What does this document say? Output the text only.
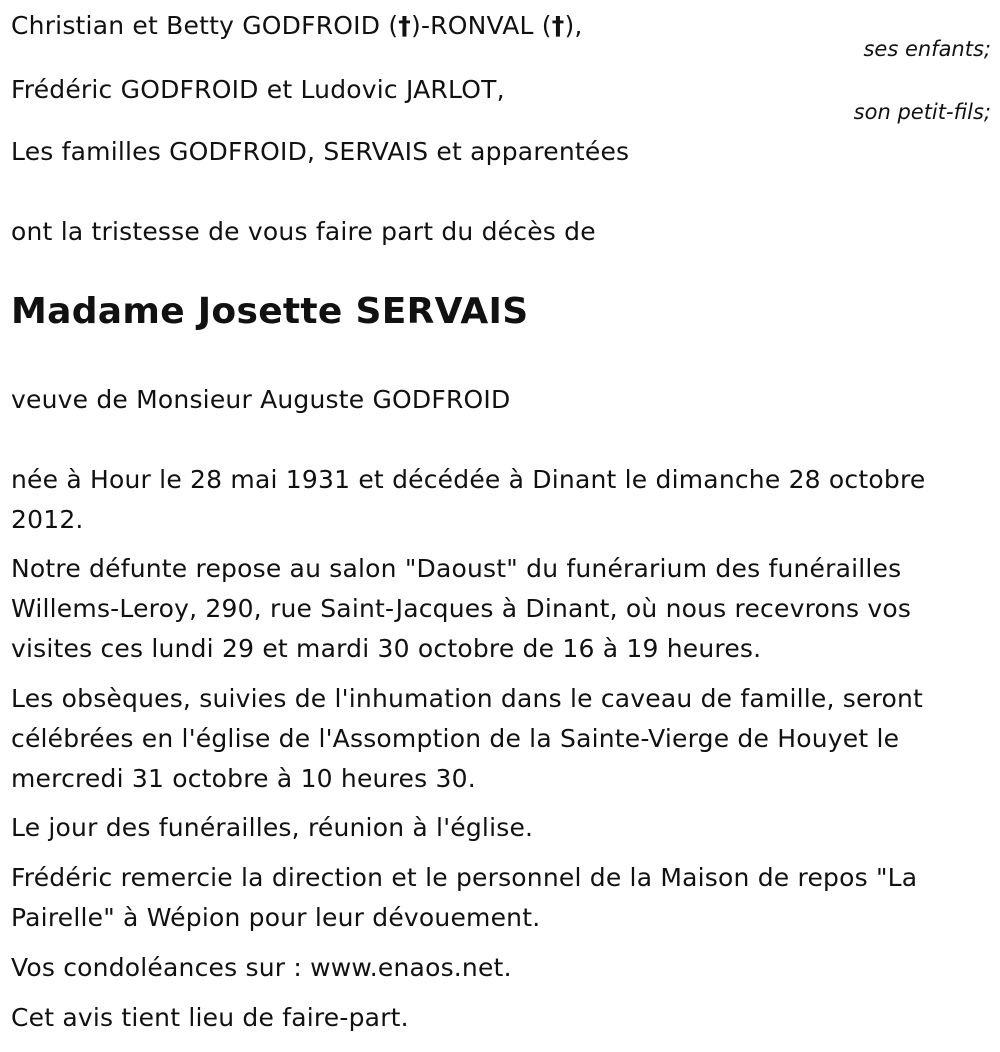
Christian et Betty GODFROID (†)-RONVAL (†),
ses enfants;
Frédéric GODFROID et Ludovic JARLOT,
son petit-fils;
Les familles GODFROID, SERVAIS et apparentées
ont la tristesse de vous faire part du décès de
Madame Josette SERVAIS
veuve de Monsieur Auguste GODFROID
née à Hour le 28 mai 1931 et décédée à Dinant le dimanche 28 octobre 2012.
Notre défunte repose au salon "Daoust" du funérarium des funérailles Willems-Leroy, 290, rue Saint-Jacques à Dinant, où nous recevrons vos visites ces lundi 29 et mardi 30 octobre de 16 à 19 heures.
Les obsèques, suivies de l'inhumation dans le caveau de famille, seront célébrées en l'église de l'Assomption de la Sainte-Vierge de Houyet le mercredi 31 octobre à 10 heures 30.
Le jour des funérailles, réunion à l'église.
Frédéric remercie la direction et le personnel de la Maison de repos "La Pairelle" à Wépion pour leur dévouement.
Vos condoléances sur : www.enaos.net.
Cet avis tient lieu de faire-part.
